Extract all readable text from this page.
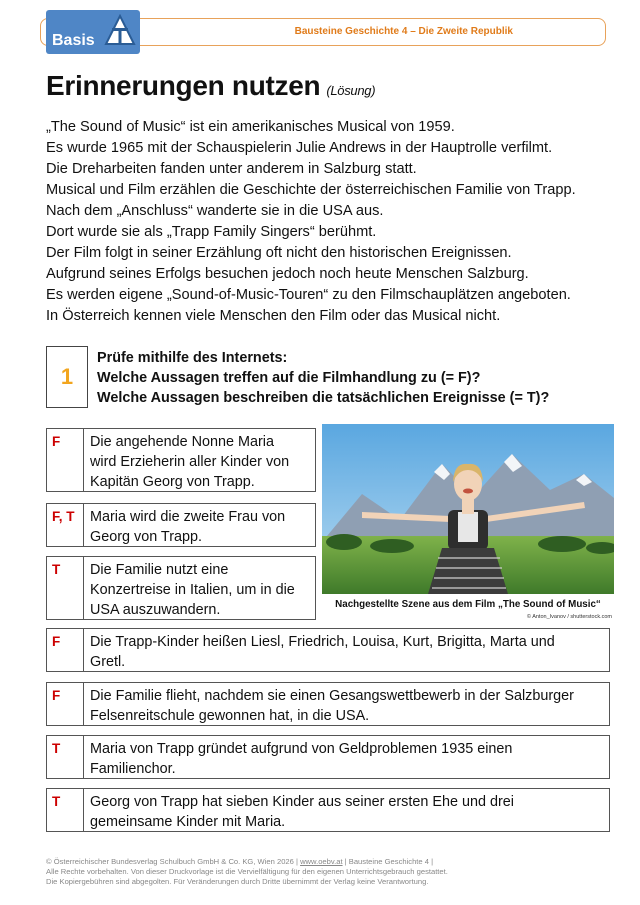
Bausteine Geschichte 4 – Die Zweite Republik
Basis
Erinnerungen nutzen (Lösung)
„The Sound of Music“ ist ein amerikanisches Musical von 1959.
Es wurde 1965 mit der Schauspielerin Julie Andrews in der Hauptrolle verfilmt.
Die Dreharbeiten fanden unter anderem in Salzburg statt.
Musical und Film erzählen die Geschichte der österreichischen Familie von Trapp.
Nach dem „Anschluss“ wanderte sie in die USA aus.
Dort wurde sie als „Trapp Family Singers“ berühmt.
Der Film folgt in seiner Erzählung oft nicht den historischen Ereignissen.
Aufgrund seines Erfolgs besuchen jedoch noch heute Menschen Salzburg.
Es werden eigene „Sound-of-Music-Touren“ zu den Filmschauplätzen angeboten.
In Österreich kennen viele Menschen den Film oder das Musical nicht.
1
Prüfe mithilfe des Internets:
Welche Aussagen treffen auf die Filmhandlung zu (= F)?
Welche Aussagen beschreiben die tatsächlichen Ereignisse (= T)?
F	Die angehende Nonne Maria
wird Erzieherin aller Kinder von
Kapitän Georg von Trapp.
F, T	Maria wird die zweite Frau von
Georg von Trapp.
T	Die Familie nutzt eine
Konzertreise in Italien, um in die
USA auszuwandern.
F	Die Trapp-Kinder heißen Liesl, Friedrich, Louisa, Kurt, Brigitta, Marta und
Gretl.
F	Die Familie flieht, nachdem sie einen Gesangswettbewerb in der Salzburger
Felsenreitschule gewonnen hat, in die USA.
T	Maria von Trapp gründet aufgrund von Geldproblemen 1935 einen
Familienchor.
T	Georg von Trapp hat sieben Kinder aus seiner ersten Ehe und drei
gemeinsame Kinder mit Maria.
Nachgestellte Szene aus dem Film „The Sound of Music“
© Anton_Ivanov / shutterstock.com
© Österreichischer Bundesverlag Schulbuch GmbH & Co. KG, Wien 2026 | www.oebv.at | Bausteine Geschichte 4 |
Alle Rechte vorbehalten. Von dieser Druckvorlage ist die Vervielfältigung für den eigenen Unterrichtsgebrauch gestattet.
Die Kopiergebühren sind abgegolten. Für Veränderungen durch Dritte übernimmt der Verlag keine Verantwortung.
